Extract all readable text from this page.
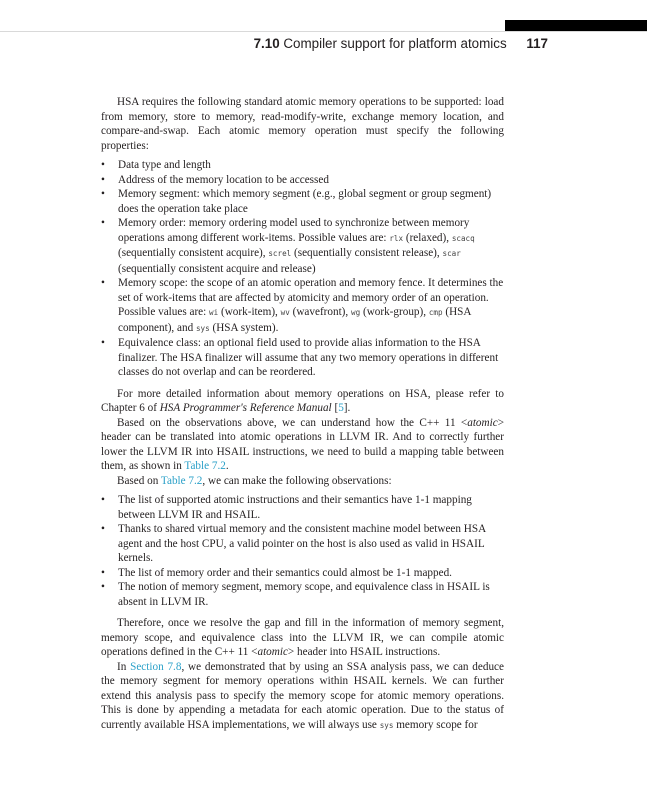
7.10 Compiler support for platform atomics 117

HSA requires the following standard atomic memory operations to be supported: load from memory, store to memory, read-modify-write, exchange memory location, and compare-and-swap. Each atomic memory operation must specify the following properties:

• Data type and length
• Address of the memory location to be accessed
• Memory segment: which memory segment (e.g., global segment or group segment) does the operation take place
• Memory order: memory ordering model used to synchronize between memory operations among different work-items. Possible values are: rlx (relaxed), scacq (sequentially consistent acquire), screl (sequentially consistent release), scar (sequentially consistent acquire and release)
• Memory scope: the scope of an atomic operation and memory fence. It determines the set of work-items that are affected by atomicity and memory order of an operation. Possible values are: wi (work-item), wv (wavefront), wg (work-group), cmp (HSA component), and sys (HSA system).
• Equivalence class: an optional field used to provide alias information to the HSA finalizer. The HSA finalizer will assume that any two memory operations in different classes do not overlap and can be reordered.

For more detailed information about memory operations on HSA, please refer to Chapter 6 of HSA Programmer's Reference Manual [5].

Based on the observations above, we can understand how the C++ 11 <atomic> header can be translated into atomic operations in LLVM IR. And to correctly further lower the LLVM IR into HSAIL instructions, we need to build a mapping table between them, as shown in Table 7.2.

Based on Table 7.2, we can make the following observations:

• The list of supported atomic instructions and their semantics have 1-1 mapping between LLVM IR and HSAIL.
• Thanks to shared virtual memory and the consistent machine model between HSA agent and the host CPU, a valid pointer on the host is also used as valid in HSAIL kernels.
• The list of memory order and their semantics could almost be 1-1 mapped.
• The notion of memory segment, memory scope, and equivalence class in HSAIL is absent in LLVM IR.

Therefore, once we resolve the gap and fill in the information of memory segment, memory scope, and equivalence class into the LLVM IR, we can compile atomic operations defined in the C++ 11 <atomic> header into HSAIL instructions.

In Section 7.8, we demonstrated that by using an SSA analysis pass, we can deduce the memory segment for memory operations within HSAIL kernels. We can further extend this analysis pass to specify the memory scope for atomic memory operations. This is done by appending a metadata for each atomic operation. Due to the status of currently available HSA implementations, we will always use sys memory scope for
